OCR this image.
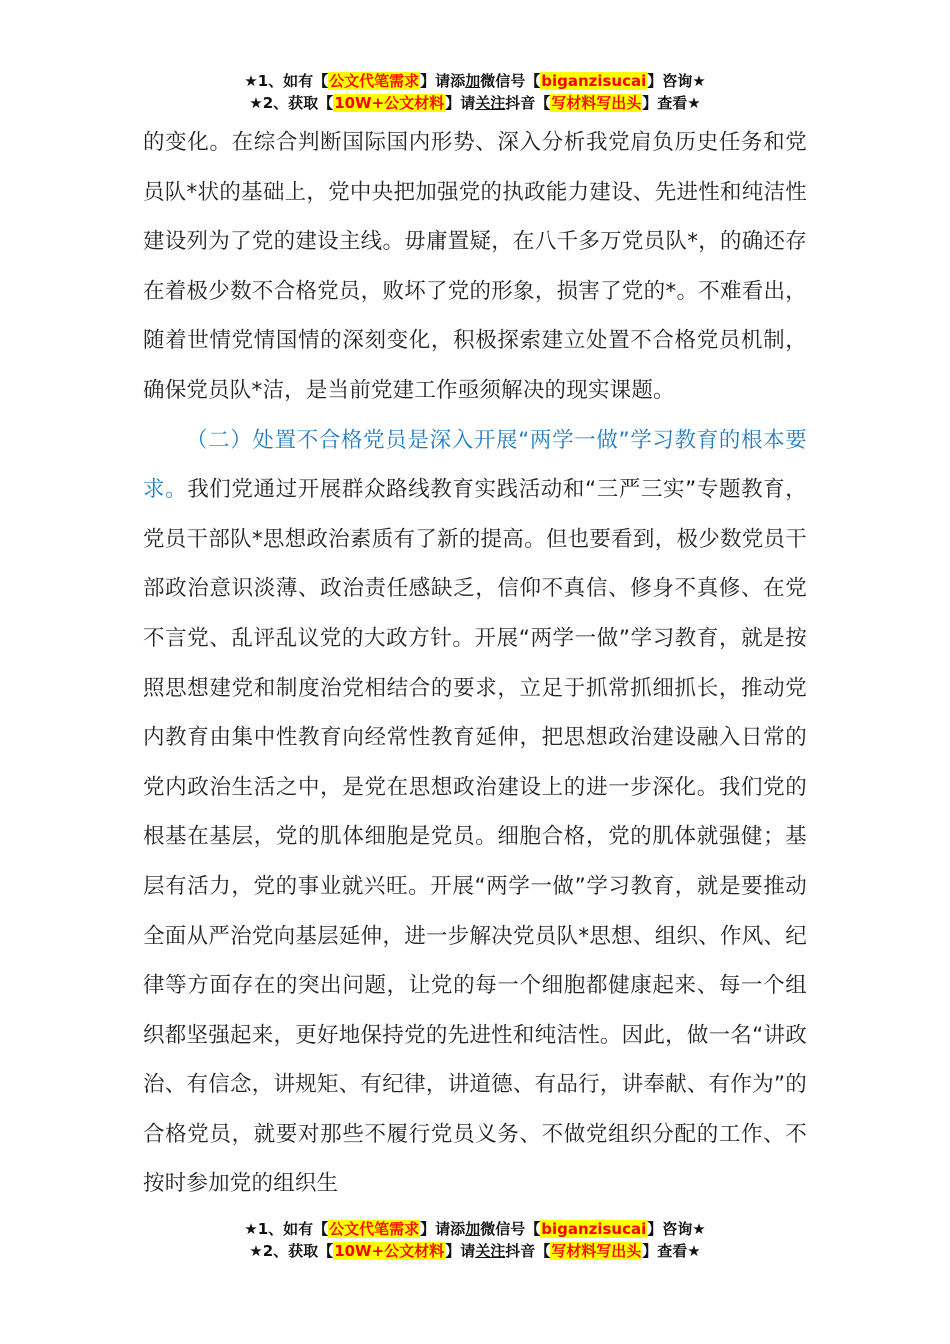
★1、如有【公文代笔需求】请添加微信号【biganzisucai】咨询★
★2、获取【10W+公文材料】请关注抖音【写材料写出头】查看★

的变化。在综合判断国际国内形势、深入分析我党肩负历史任务和党员队*状的基础上，党中央把加强党的执政能力建设、先进性和纯洁性建设列为了党的建设主线。毋庸置疑，在八千多万党员队*，的确还存在着极少数不合格党员，败坏了党的形象，损害了党的*。不难看出，随着世情党情国情的深刻变化，积极探索建立处置不合格党员机制，确保党员队*洁，是当前党建工作亟须解决的现实课题。

（二）处置不合格党员是深入开展“两学一做”学习教育的根本要求。我们党通过开展群众路线教育实践活动和“三严三实”专题教育，党员干部队*思想政治素质有了新的提高。但也要看到，极少数党员干部政治意识淡薄、政治责任感缺乏，信仰不真信、修身不真修、在党不言党、乱评乱议党的大政方针。开展“两学一做”学习教育，就是按照思想建党和制度治党相结合的要求，立足于抓常抓细抓长，推动党内教育由集中性教育向经常性教育延伸，把思想政治建设融入日常的党内政治生活之中，是党在思想政治建设上的进一步深化。我们党的根基在基层，党的肌体细胞是党员。细胞合格，党的肌体就强健；基层有活力，党的事业就兴旺。开展“两学一做”学习教育，就是要推动全面从严治党向基层延伸，进一步解决党员队*思想、组织、作风、纪律等方面存在的突出问题，让党的每一个细胞都健康起来、每一个组织都坚强起来，更好地保持党的先进性和纯洁性。因此，做一名“讲政治、有信念，讲规矩、有纪律，讲道德、有品行，讲奉献、有作为”的合格党员，就要对那些不履行党员义务、不做党组织分配的工作、不按时参加党的组织生

★1、如有【公文代笔需求】请添加微信号【biganzisucai】咨询★
★2、获取【10W+公文材料】请关注抖音【写材料写出头】查看★
